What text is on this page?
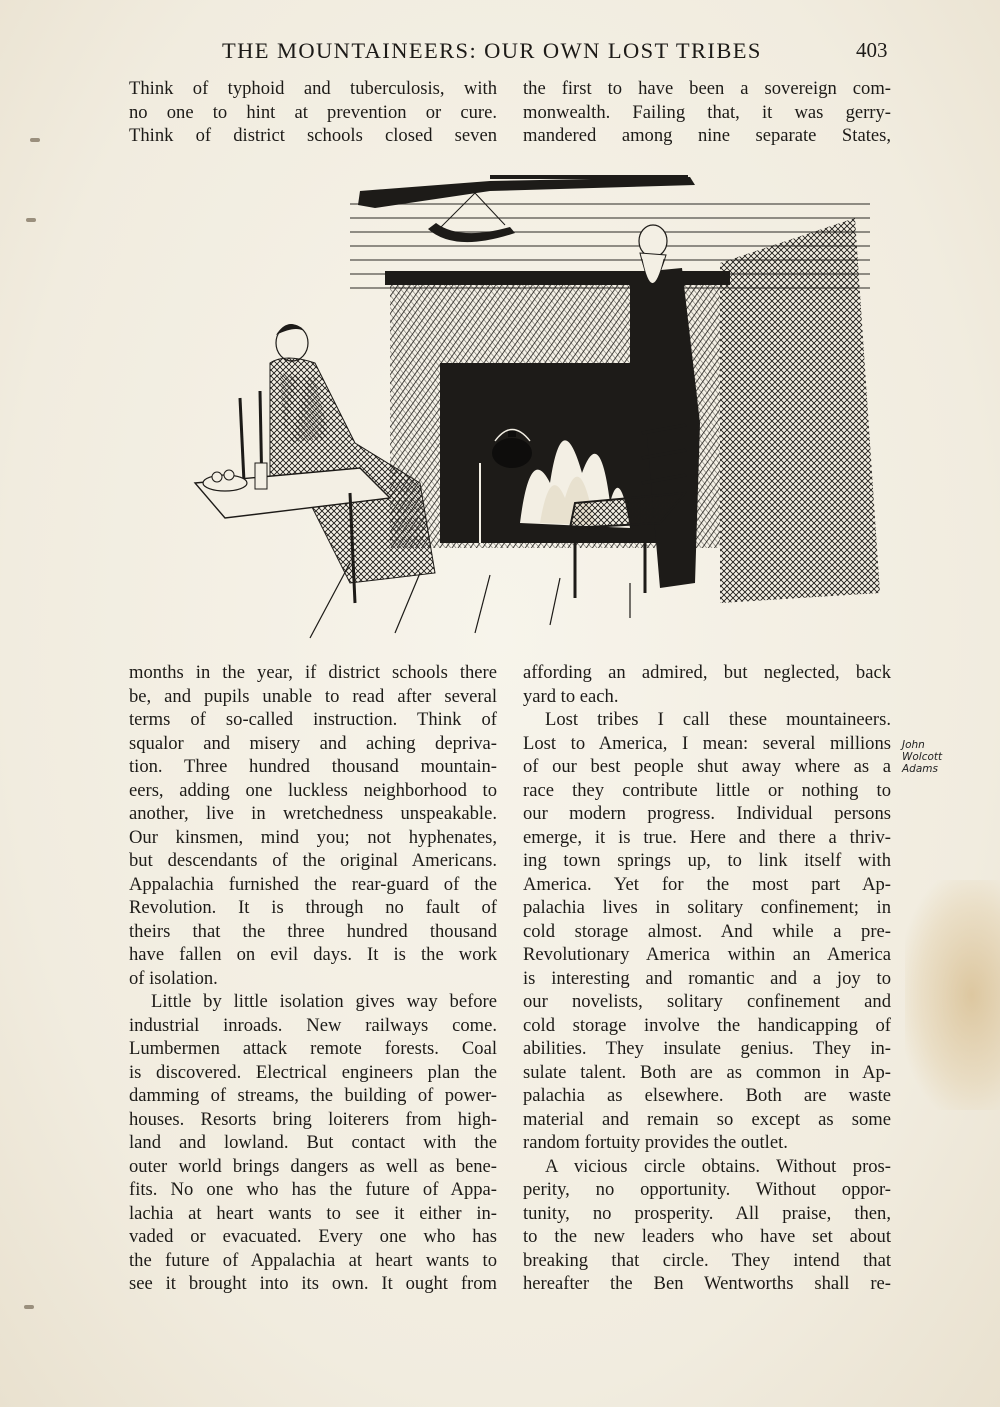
THE MOUNTAINEERS: OUR OWN LOST TRIBES	403

Think of typhoid and tuberculosis, with
no one to hint at prevention or cure.
Think of district schools closed seven

the first to have been a sovereign com-
monwealth. Failing that, it was gerry-
mandered among nine separate States,

John Wolcott Adams

months in the year, if district schools there
be, and pupils unable to read after several
terms of so-called instruction. Think of
squalor and misery and aching depriva-
tion. Three hundred thousand mountain-
eers, adding one luckless neighborhood to
another, live in wretchedness unspeakable.
Our kinsmen, mind you; not hyphenates,
but descendants of the original Americans.
Appalachia furnished the rear-guard of the
Revolution. It is through no fault of
theirs that the three hundred thousand
have fallen on evil days. It is the work
of isolation.

Little by little isolation gives way before
industrial inroads. New railways come.
Lumbermen attack remote forests. Coal
is discovered. Electrical engineers plan the
damming of streams, the building of power-
houses. Resorts bring loiterers from high-
land and lowland. But contact with the
outer world brings dangers as well as bene-
fits. No one who has the future of Appa-
lachia at heart wants to see it either in-
vaded or evacuated. Every one who has
the future of Appalachia at heart wants to
see it brought into its own. It ought from

affording an admired, but neglected, back
yard to each.

Lost tribes I call these mountaineers.
Lost to America, I mean: several millions
of our best people shut away where as a
race they contribute little or nothing to
our modern progress. Individual persons
emerge, it is true. Here and there a thriv-
ing town springs up, to link itself with
America. Yet for the most part Ap-
palachia lives in solitary confinement; in
cold storage almost. And while a pre-
Revolutionary America within an America
is interesting and romantic and a joy to
our novelists, solitary confinement and
cold storage involve the handicapping of
abilities. They insulate genius. They in-
sulate talent. Both are as common in Ap-
palachia as elsewhere. Both are waste
material and remain so except as some
random fortuity provides the outlet.

A vicious circle obtains. Without pros-
perity, no opportunity. Without oppor-
tunity, no prosperity. All praise, then,
to the new leaders who have set about
breaking that circle. They intend that
hereafter the Ben Wentworths shall re-
